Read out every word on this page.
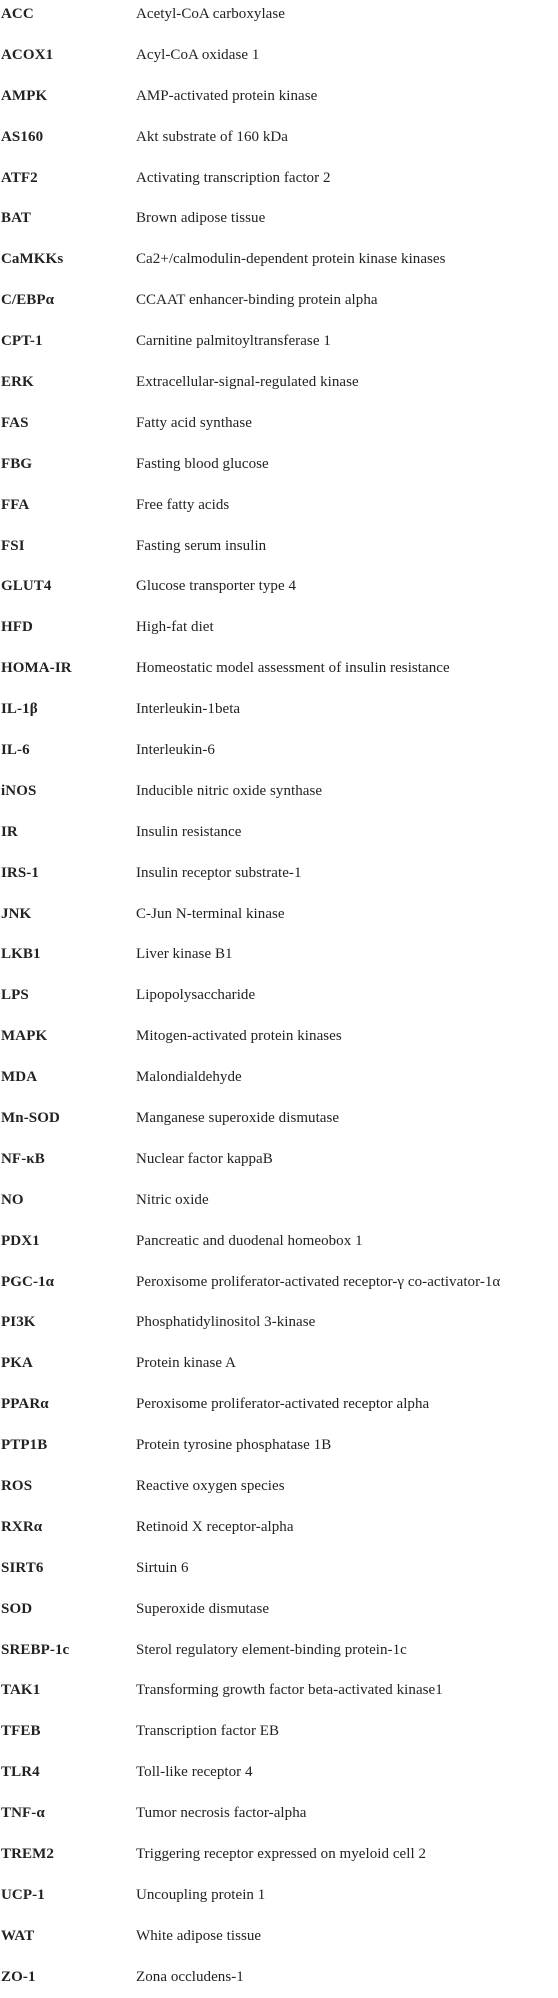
ACC	Acetyl-CoA carboxylase
ACOX1	Acyl-CoA oxidase 1
AMPK	AMP-activated protein kinase
AS160	Akt substrate of 160 kDa
ATF2	Activating transcription factor 2
BAT	Brown adipose tissue
CaMKKs	Ca2+/calmodulin-dependent protein kinase kinases
C/EBPα	CCAAT enhancer-binding protein alpha
CPT-1	Carnitine palmitoyltransferase 1
ERK	Extracellular-signal-regulated kinase
FAS	Fatty acid synthase
FBG	Fasting blood glucose
FFA	Free fatty acids
FSI	Fasting serum insulin
GLUT4	Glucose transporter type 4
HFD	High-fat diet
HOMA-IR	Homeostatic model assessment of insulin resistance
IL-1β	Interleukin-1beta
IL-6	Interleukin-6
iNOS	Inducible nitric oxide synthase
IR	Insulin resistance
IRS-1	Insulin receptor substrate-1
JNK	C-Jun N-terminal kinase
LKB1	Liver kinase B1
LPS	Lipopolysaccharide
MAPK	Mitogen-activated protein kinases
MDA	Malondialdehyde
Mn-SOD	Manganese superoxide dismutase
NF-κB	Nuclear factor kappaB
NO	Nitric oxide
PDX1	Pancreatic and duodenal homeobox 1
PGC-1α	Peroxisome proliferator-activated receptor-γ co-activator-1α
PI3K	Phosphatidylinositol 3-kinase
PKA	Protein kinase A
PPARα	Peroxisome proliferator-activated receptor alpha
PTP1B	Protein tyrosine phosphatase 1B
ROS	Reactive oxygen species
RXRα	Retinoid X receptor-alpha
SIRT6	Sirtuin 6
SOD	Superoxide dismutase
SREBP-1c	Sterol regulatory element-binding protein-1c
TAK1	Transforming growth factor beta-activated kinase1
TFEB	Transcription factor EB
TLR4	Toll-like receptor 4
TNF-α	Tumor necrosis factor-alpha
TREM2	Triggering receptor expressed on myeloid cell 2
UCP-1	Uncoupling protein 1
WAT	White adipose tissue
ZO-1	Zona occludens-1
